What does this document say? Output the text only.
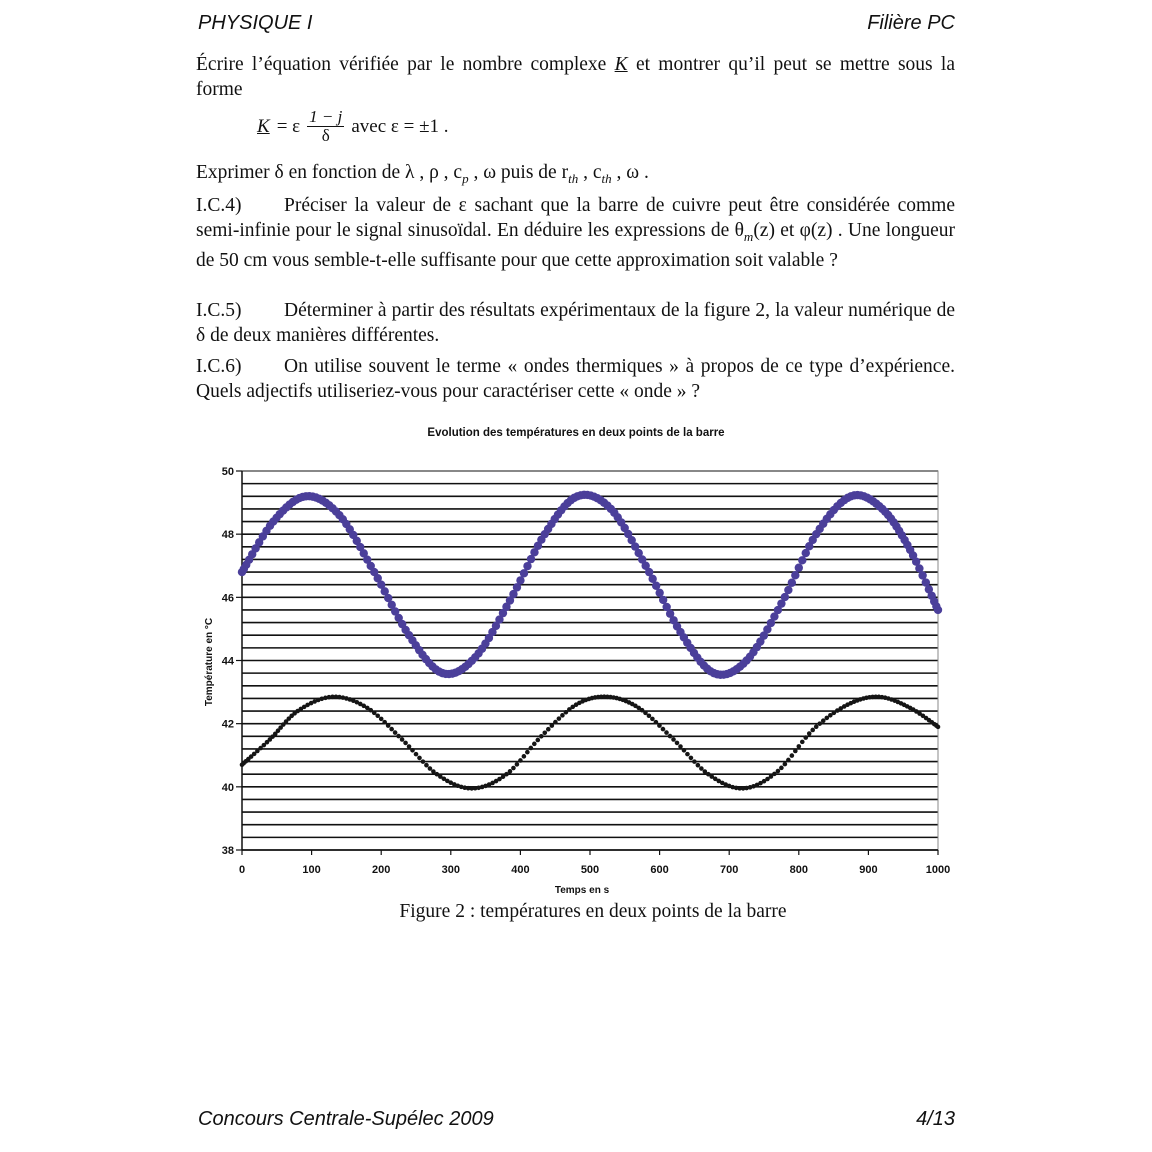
PHYSIQUE I	Filière PC
Écrire l’équation vérifiée par le nombre complexe K et montrer qu’il peut se mettre sous la forme
K = ε $\frac{1 - j}{\delta}$ avec ε = ±1 .
Exprimer δ en fonction de λ , ρ , $c_p$ , ω puis de $r_{th}$ , $c_{th}$ , ω .
I.C.4) Préciser la valeur de ε sachant que la barre de cuivre peut être considérée comme semi-infinie pour le signal sinusoïdal. En déduire les expressions de $\theta_m(z)$ et φ(z) . Une longueur de 50 cm vous semble-t-elle suffisante pour que cette approximation soit valable ?
I.C.5) Déterminer à partir des résultats expérimentaux de la figure 2, la valeur numérique de δ de deux manières différentes.
I.C.6) On utilise souvent le terme « ondes thermiques » à propos de ce type d’expérience. Quels adjectifs utiliseriez-vous pour caractériser cette « onde » ?
Evolution des températures en deux points de la barre
38
40
42
44
46
48
50
0	100	200	300	400	500	600	700	800	900	1000
Temps en s
Température en °C
Figure 2 : températures en deux points de la barre
Concours Centrale-Supélec 2009	4/13
